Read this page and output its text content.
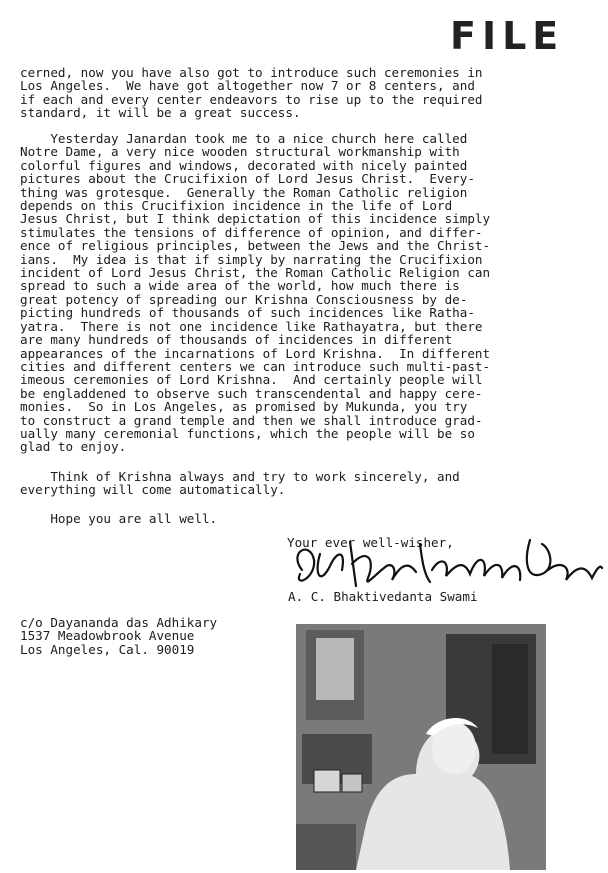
FILE
cerned, now you have also got to introduce such ceremonies in
Los Angeles.  We have got altogether now 7 or 8 centers, and
if each and every center endeavors to rise up to the required
standard, it will be a great success.
Yesterday Janardan took me to a nice church here called
Notre Dame, a very nice wooden structural workmanship with
colorful figures and windows, decorated with nicely painted
pictures about the Crucifixion of Lord Jesus Christ.  Every-
thing was grotesque.  Generally the Roman Catholic religion
depends on this Crucifixion incidence in the life of Lord
Jesus Christ, but I think depictation of this incidence simply
stimulates the tensions of difference of opinion, and differ-
ence of religious principles, between the Jews and the Christ-
ians.  My idea is that if simply by narrating the Crucifixion
incident of Lord Jesus Christ, the Roman Catholic Religion can
spread to such a wide area of the world, how much there is
great potency of spreading our Krishna Consciousness by de-
picting hundreds of thousands of such incidences like Ratha-
yatra.  There is not one incidence like Rathayatra, but there
are many hundreds of thousands of incidences in different
appearances of the incarnations of Lord Krishna.  In different
cities and different centers we can introduce such multi-past-
imeous ceremonies of Lord Krishna.  And certainly people will
be engladdened to observe such transcendental and happy cere-
monies.  So in Los Angeles, as promised by Mukunda, you try
to construct a grand temple and then we shall introduce grad-
ually many ceremonial functions, which the people will be so
glad to enjoy.
Think of Krishna always and try to work sincerely, and
everything will come automatically.
Hope you are all well.
Your ever well-wisher,
A. C. Bhaktivedanta Swami
c/o Dayananda das Adhikary
1537 Meadowbrook Avenue
Los Angeles, Cal. 90019
